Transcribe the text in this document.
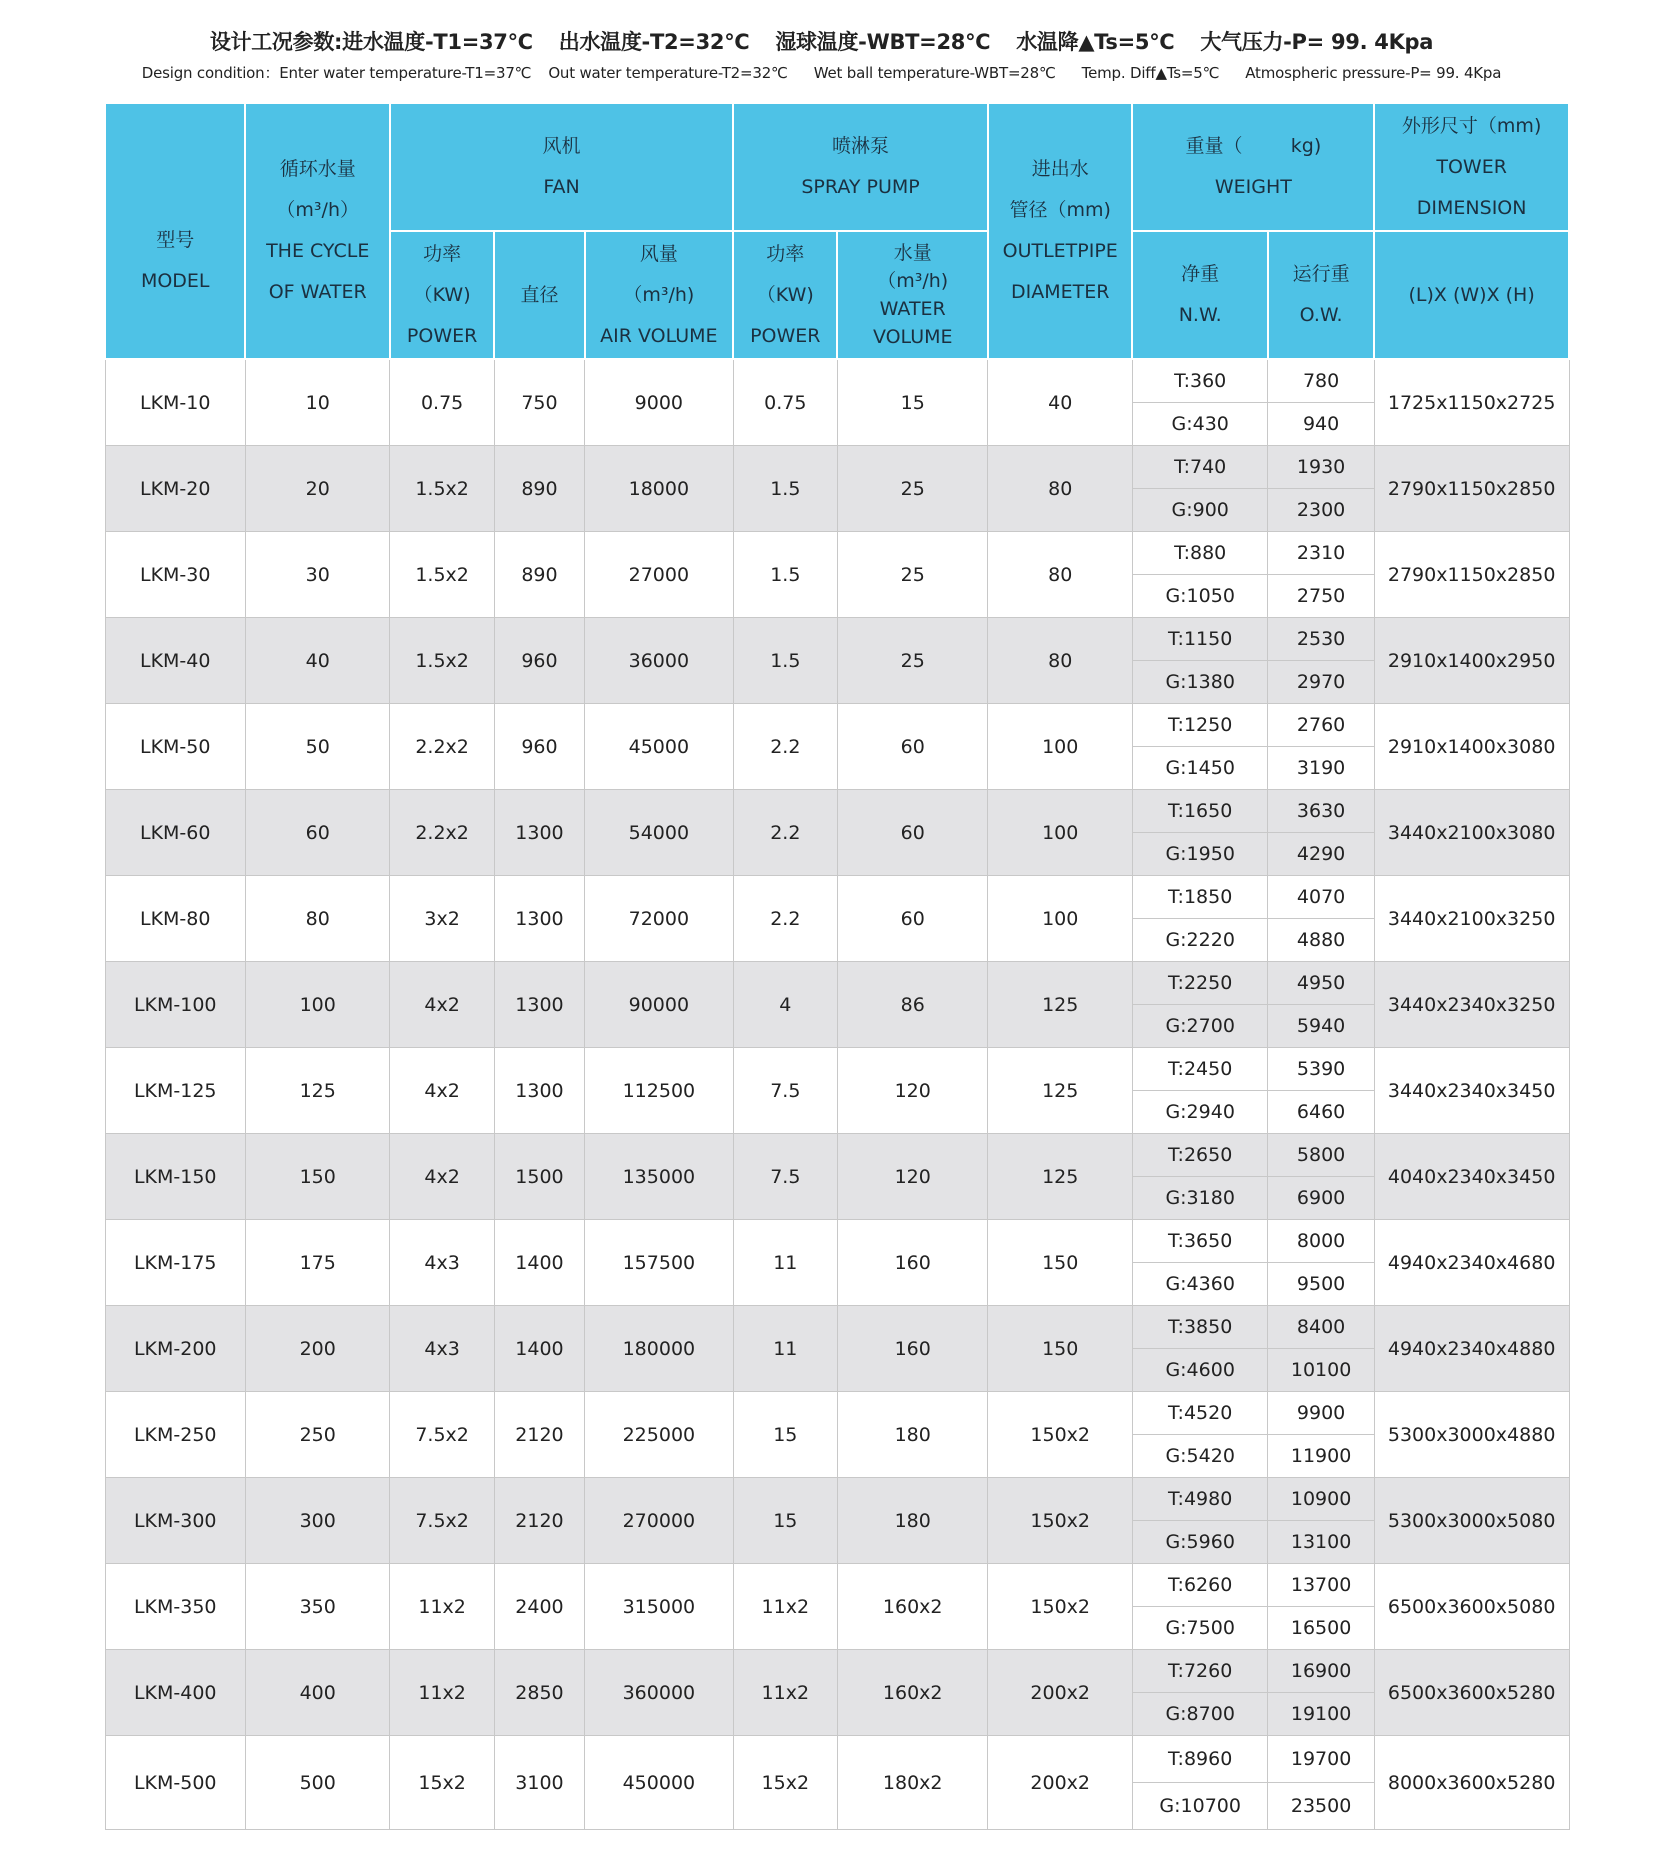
设计工况参数:进水温度-T1=37℃ 出水温度-T2=32℃ 湿球温度-WBT=28℃ 水温降▲Ts=5℃ 大气压力-P= 99. 4Kpa
Design condition：Enter water temperature-T1=37℃ Out water temperature-T2=32℃ Wet ball temperature-WBT=28℃ Temp. Diff▲Ts=5℃ Atmospheric pressure-P= 99. 4Kpa
型号
MODEL	循环水量
（m³/h）
THE CYCLE
OF WATER	风机
FAN			喷淋泵
SPRAY PUMP		进出水
管径（mm)
OUTLETPIPE
DIAMETER	重量（        kg)
WEIGHT		外形尺寸（mm)
TOWER
DIMENSION

		功率
（KW)
POWER	直径	风量
（m³/h)
AIR VOLUME	功率
（KW)
POWER	水量
（m³/h)
WATER
VOLUME		净重
N.W.	运行重
O.W.	(L)X (W)X (H)

LKM-10	10	0.75	750	9000	0.75	15	40	T:360	780	1725x1150x2725
								G:430	940	
LKM-20	20	1.5x2	890	18000	1.5	25	80	T:740	1930	2790x1150x2850
								G:900	2300	
LKM-30	30	1.5x2	890	27000	1.5	25	80	T:880	2310	2790x1150x2850
								G:1050	2750	
LKM-40	40	1.5x2	960	36000	1.5	25	80	T:1150	2530	2910x1400x2950
								G:1380	2970	
LKM-50	50	2.2x2	960	45000	2.2	60	100	T:1250	2760	2910x1400x3080
								G:1450	3190	
LKM-60	60	2.2x2	1300	54000	2.2	60	100	T:1650	3630	3440x2100x3080
								G:1950	4290	
LKM-80	80	3x2	1300	72000	2.2	60	100	T:1850	4070	3440x2100x3250
								G:2220	4880	
LKM-100	100	4x2	1300	90000	4	86	125	T:2250	4950	3440x2340x3250
								G:2700	5940	
LKM-125	125	4x2	1300	112500	7.5	120	125	T:2450	5390	3440x2340x3450
								G:2940	6460	
LKM-150	150	4x2	1500	135000	7.5	120	125	T:2650	5800	4040x2340x3450
								G:3180	6900	
LKM-175	175	4x3	1400	157500	11	160	150	T:3650	8000	4940x2340x4680
								G:4360	9500	
LKM-200	200	4x3	1400	180000	11	160	150	T:3850	8400	4940x2340x4880
								G:4600	10100	
LKM-250	250	7.5x2	2120	225000	15	180	150x2	T:4520	9900	5300x3000x4880
								G:5420	11900	
LKM-300	300	7.5x2	2120	270000	15	180	150x2	T:4980	10900	5300x3000x5080
								G:5960	13100	
LKM-350	350	11x2	2400	315000	11x2	160x2	150x2	T:6260	13700	6500x3600x5080
								G:7500	16500	
LKM-400	400	11x2	2850	360000	11x2	160x2	200x2	T:7260	16900	6500x3600x5280
								G:8700	19100	
LKM-500	500	15x2	3100	450000	15x2	180x2	200x2	T:8960	19700	8000x3600x5280
								G:10700	23500	
